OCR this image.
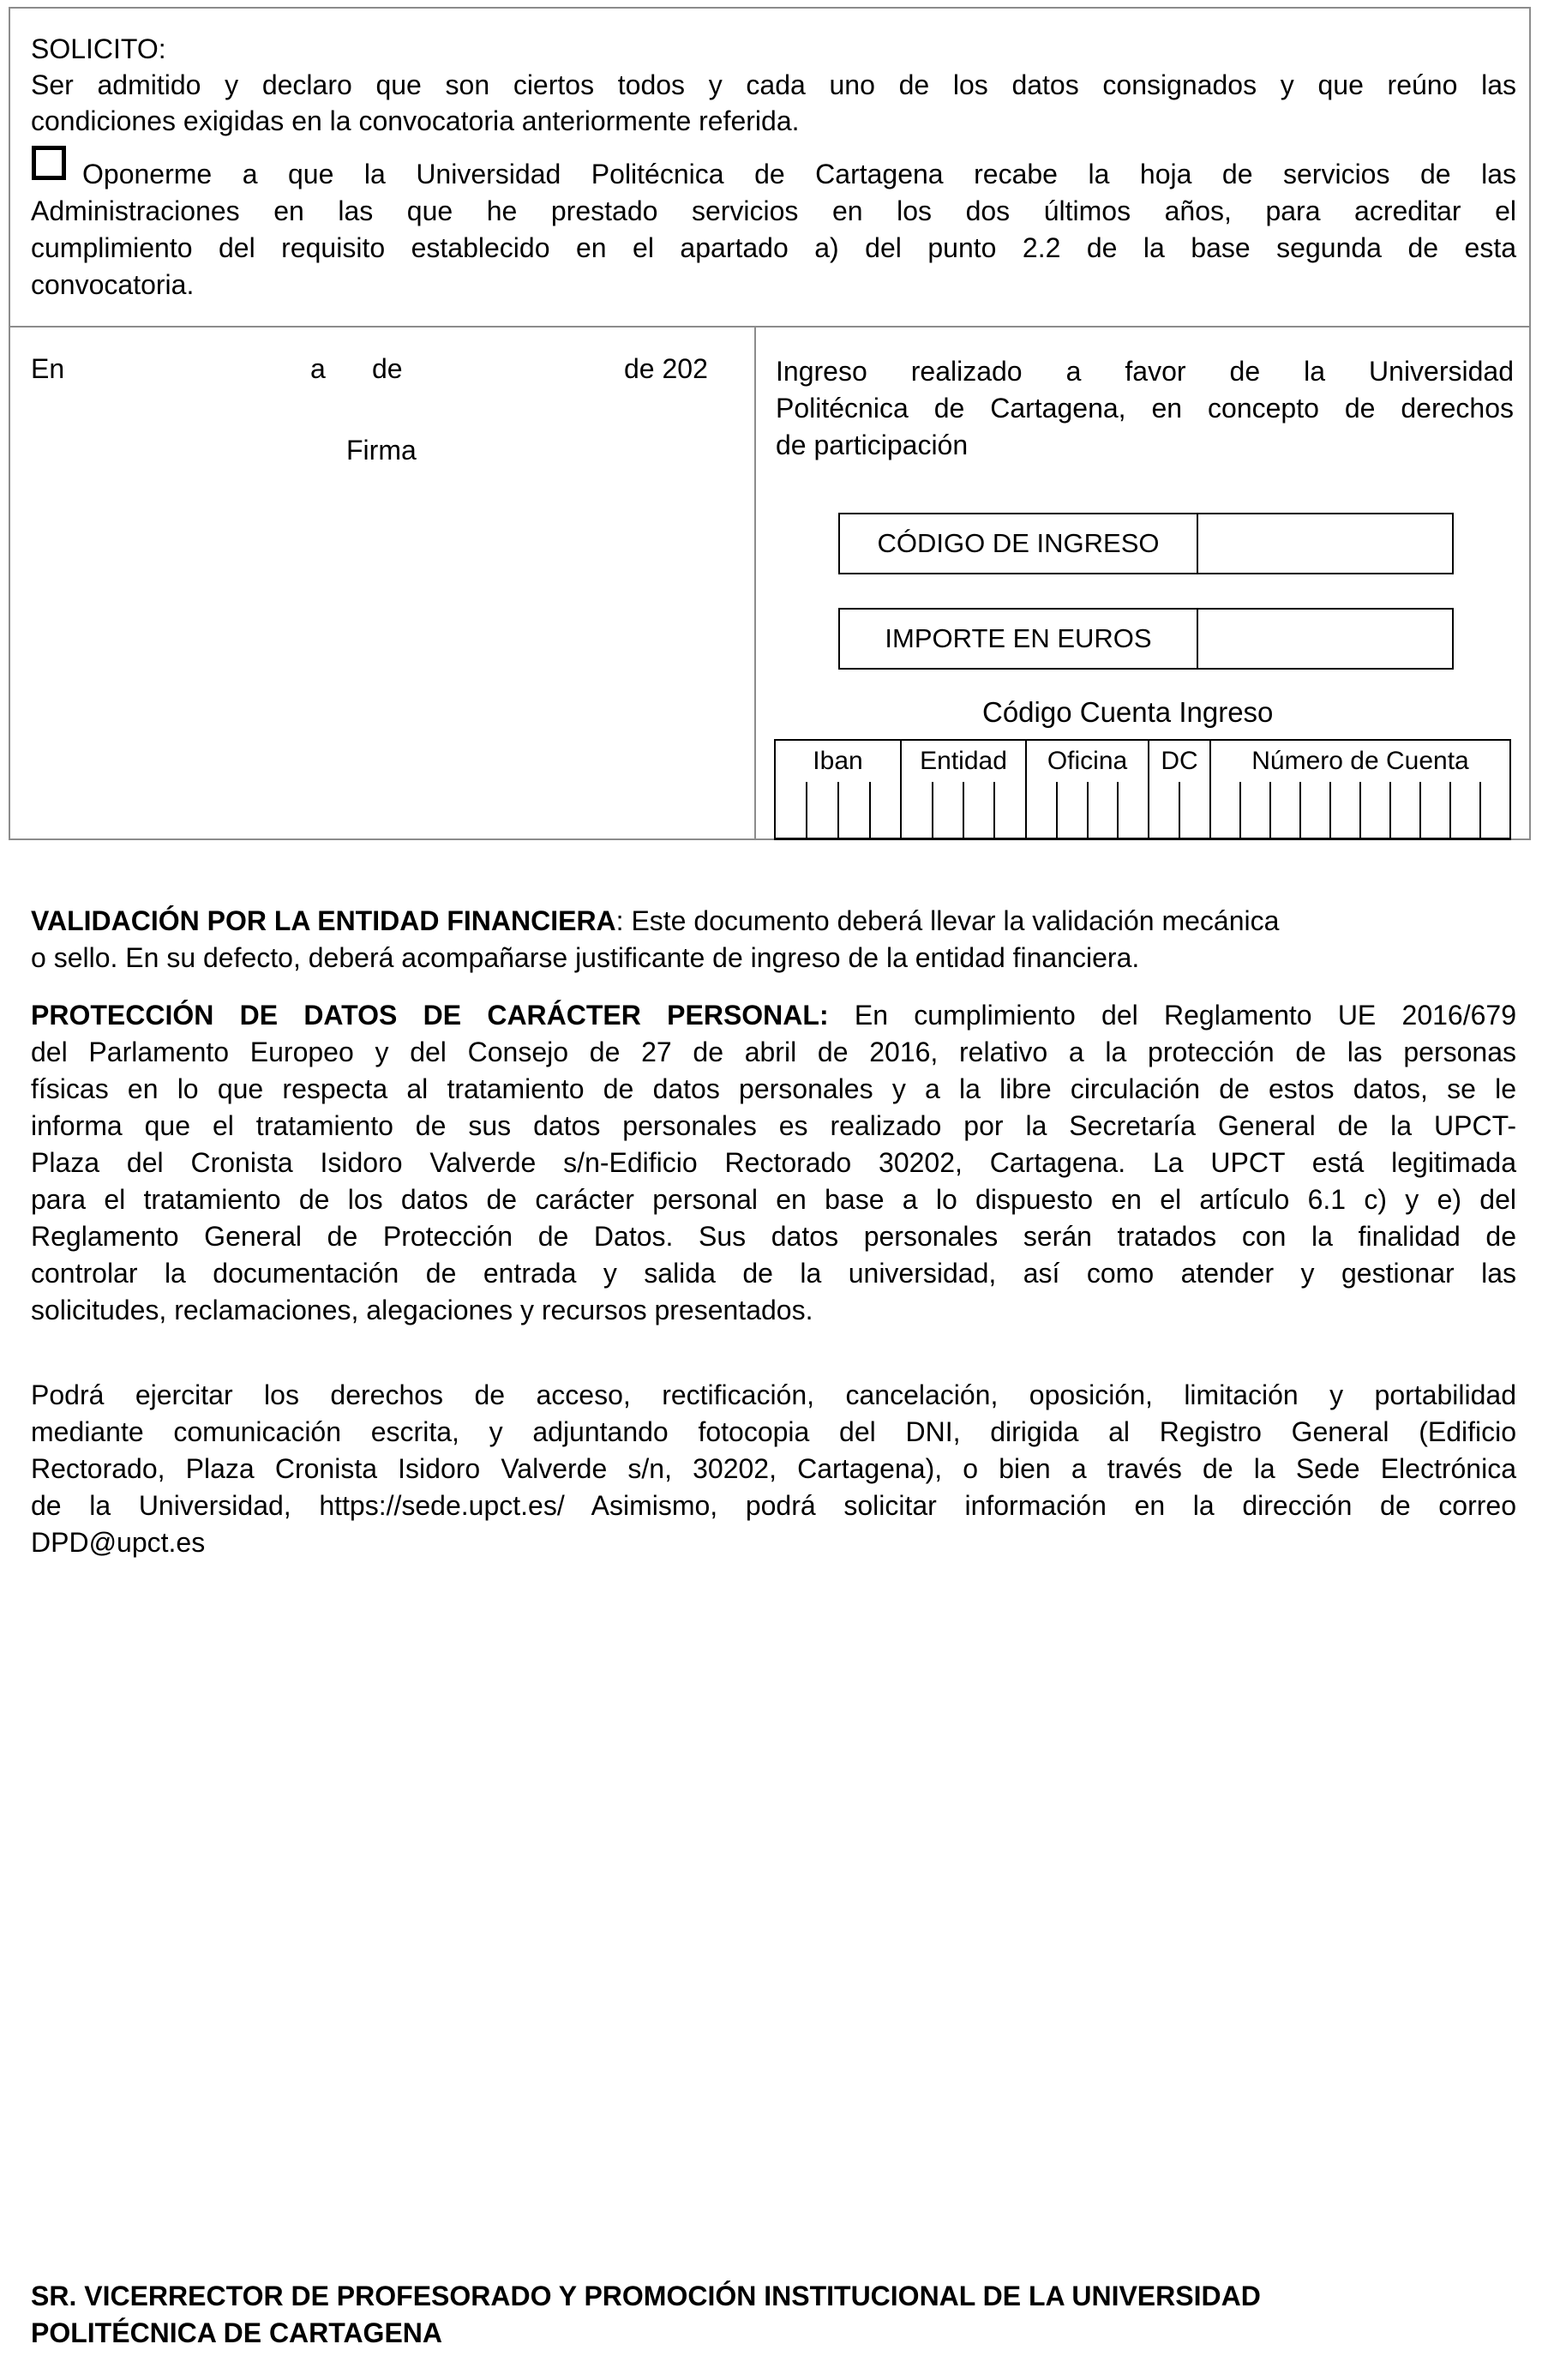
SOLICITO:
Ser admitido y declaro que son ciertos todos y cada uno de los datos consignados y que reúno las
condiciones exigidas en la convocatoria anteriormente referida.
Oponerme a que la Universidad Politécnica de Cartagena recabe la hoja de servicios de las
Administraciones en las que he prestado servicios en los dos últimos años, para acreditar el
cumplimiento del requisito establecido en el apartado a) del punto 2.2 de la base segunda de esta
convocatoria.
En	a de	de 202
Firma
Ingreso realizado a favor de la Universidad
Politécnica de Cartagena, en concepto de derechos
de participación
CÓDIGO DE INGRESO
IMPORTE EN EUROS
Código Cuenta Ingreso
Iban	Entidad	Oficina	DC	Número de Cuenta
VALIDACIÓN POR LA ENTIDAD FINANCIERA: Este documento deberá llevar la validación mecánica
o sello. En su defecto, deberá acompañarse justificante de ingreso de la entidad financiera.
PROTECCIÓN DE DATOS DE CARÁCTER PERSONAL: En cumplimiento del Reglamento UE 2016/679
del Parlamento Europeo y del Consejo de 27 de abril de 2016, relativo a la protección de las personas
físicas en lo que respecta al tratamiento de datos personales y a la libre circulación de estos datos, se le
informa que el tratamiento de sus datos personales es realizado por la Secretaría General de la UPCT-
Plaza del Cronista Isidoro Valverde s/n-Edificio Rectorado 30202, Cartagena. La UPCT está legitimada
para el tratamiento de los datos de carácter personal en base a lo dispuesto en el artículo 6.1 c) y e) del
Reglamento General de Protección de Datos. Sus datos personales serán tratados con la finalidad de
controlar la documentación de entrada y salida de la universidad, así como atender y gestionar las
solicitudes, reclamaciones, alegaciones y recursos presentados.
Podrá ejercitar los derechos de acceso, rectificación, cancelación, oposición, limitación y portabilidad
mediante comunicación escrita, y adjuntando fotocopia del DNI, dirigida al Registro General (Edificio
Rectorado, Plaza Cronista Isidoro Valverde s/n, 30202, Cartagena), o bien a través de la Sede Electrónica
de la Universidad, https://sede.upct.es/ Asimismo, podrá solicitar información en la dirección de correo
DPD@upct.es
SR. VICERRECTOR DE PROFESORADO Y PROMOCIÓN INSTITUCIONAL DE LA UNIVERSIDAD
POLITÉCNICA DE CARTAGENA
